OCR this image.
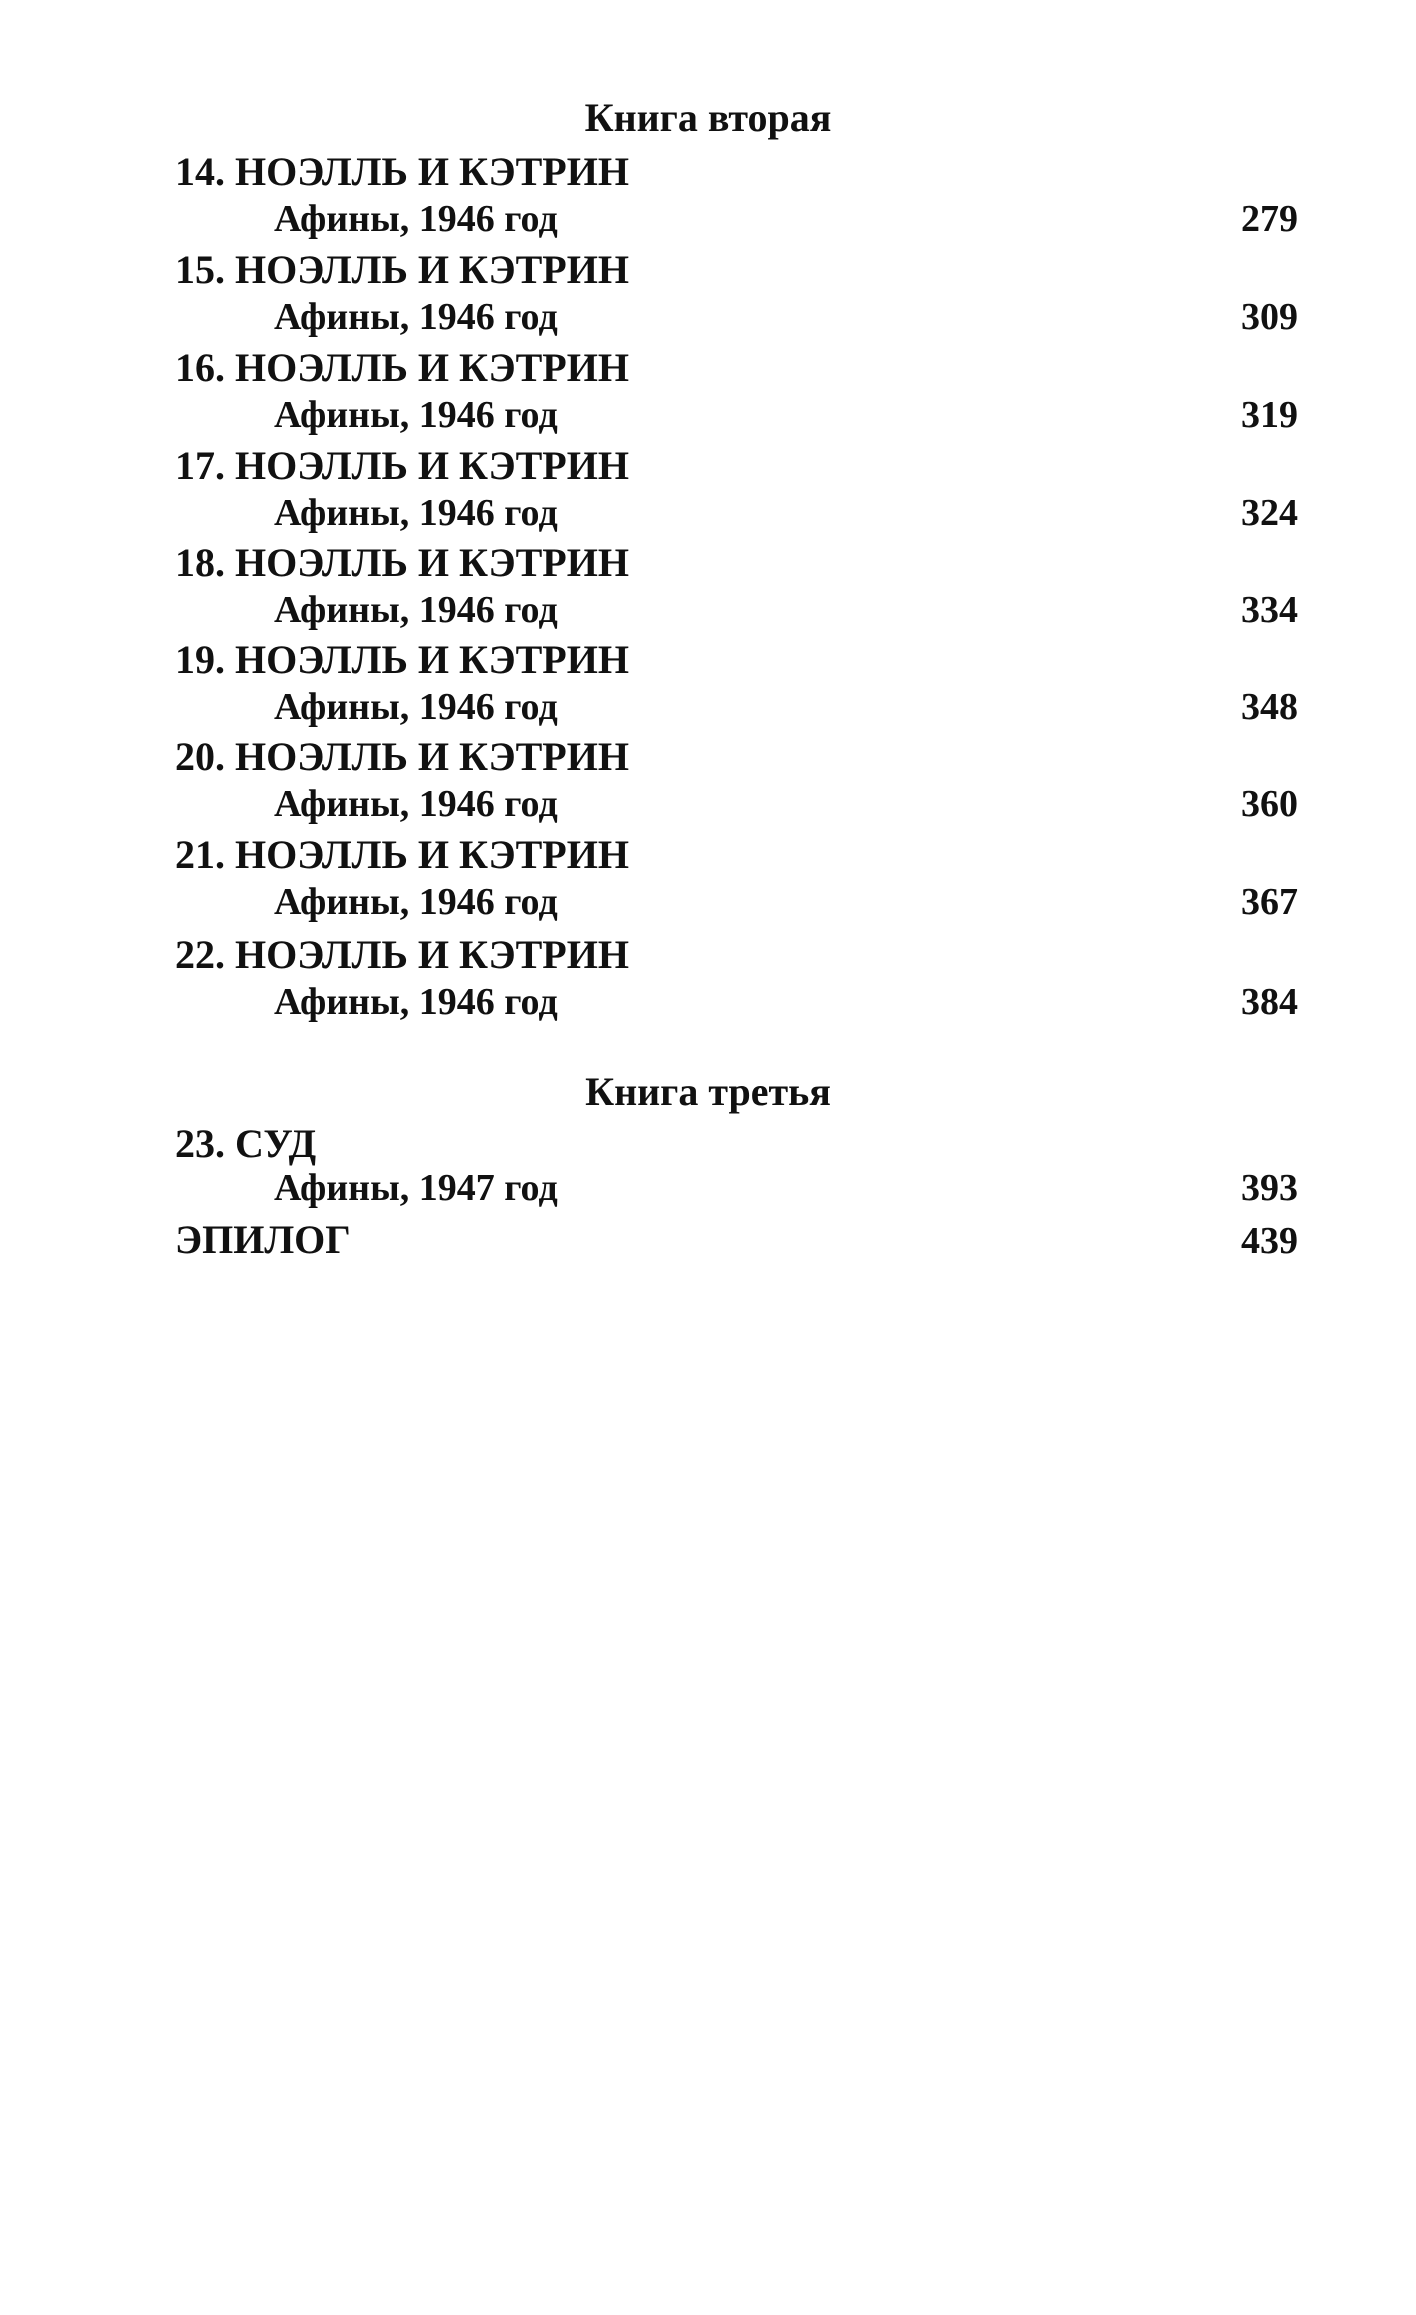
Книга вторая
14. НОЭЛЛЬ И КЭТРИН
Афины, 1946 год	279
15. НОЭЛЛЬ И КЭТРИН
Афины, 1946 год	309
16. НОЭЛЛЬ И КЭТРИН
Афины, 1946 год	319
17. НОЭЛЛЬ И КЭТРИН
Афины, 1946 год	324
18. НОЭЛЛЬ И КЭТРИН
Афины, 1946 год	334
19. НОЭЛЛЬ И КЭТРИН
Афины, 1946 год	348
20. НОЭЛЛЬ И КЭТРИН
Афины, 1946 год	360
21. НОЭЛЛЬ И КЭТРИН
Афины, 1946 год	367
22. НОЭЛЛЬ И КЭТРИН
Афины, 1946 год	384
Книга третья
23. СУД
Афины, 1947 год	393
ЭПИЛОГ	439
